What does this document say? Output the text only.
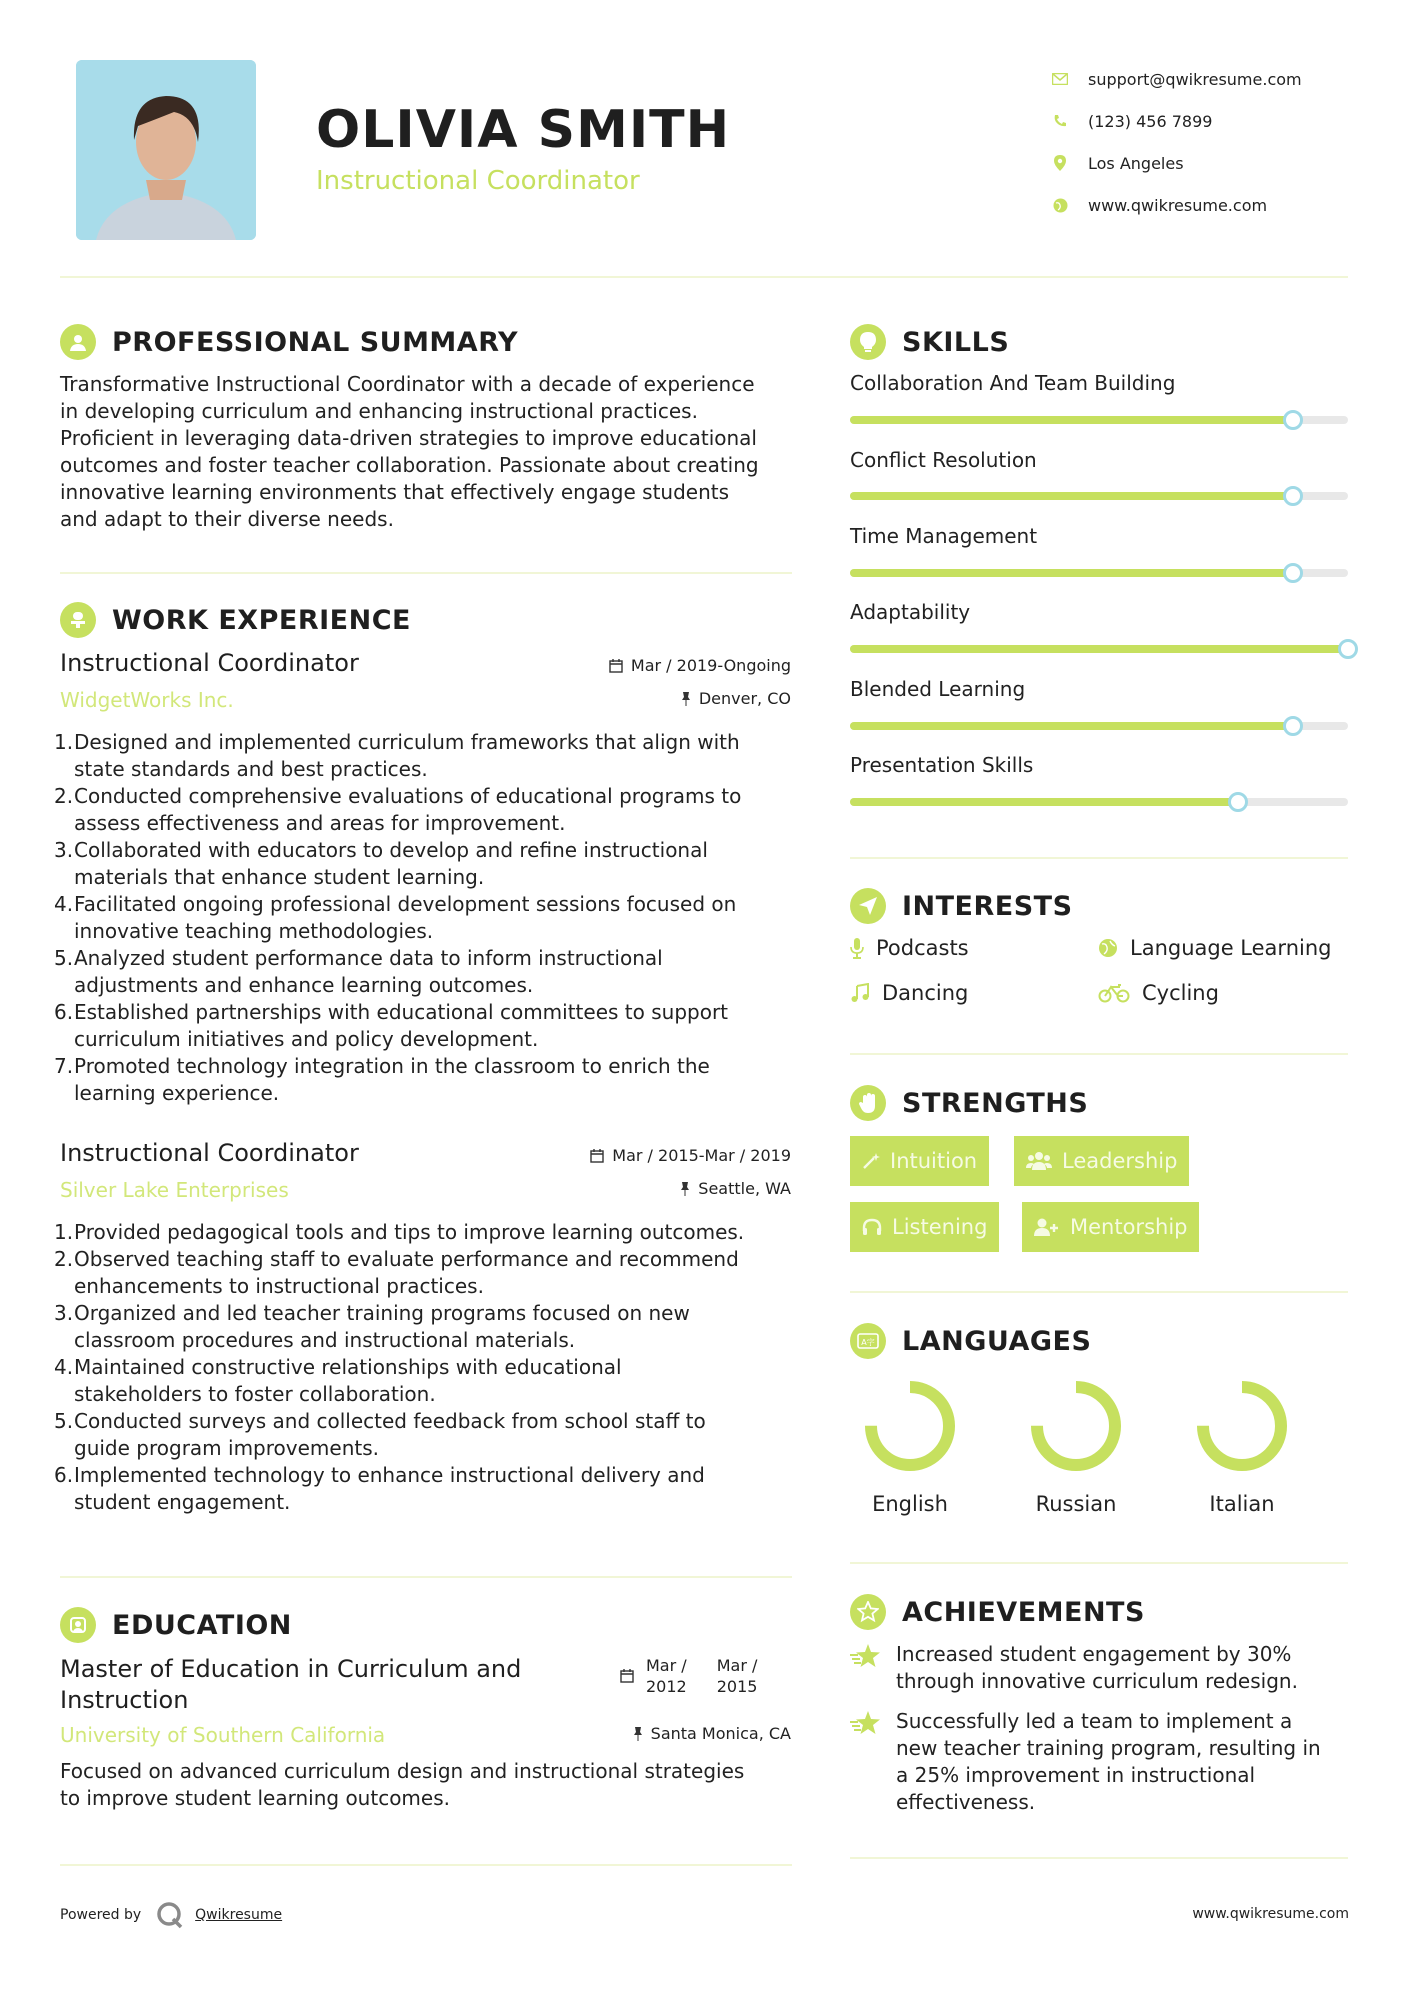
OLIVIA SMITH
Instructional Coordinator
support@qwikresume.com
(123) 456 7899
Los Angeles
www.qwikresume.com
PROFESSIONAL SUMMARY
Transformative Instructional Coordinator with a decade of experience
in developing curriculum and enhancing instructional practices.
Proficient in leveraging data-driven strategies to improve educational
outcomes and foster teacher collaboration. Passionate about creating
innovative learning environments that effectively engage students
and adapt to their diverse needs.
WORK EXPERIENCE
Instructional Coordinator
WidgetWorks Inc.
Mar / 2019-Ongoing
Denver, CO
1. Designed and implemented curriculum frameworks that align with
state standards and best practices.
2. Conducted comprehensive evaluations of educational programs to
assess effectiveness and areas for improvement.
3. Collaborated with educators to develop and refine instructional
materials that enhance student learning.
4. Facilitated ongoing professional development sessions focused on
innovative teaching methodologies.
5. Analyzed student performance data to inform instructional
adjustments and enhance learning outcomes.
6. Established partnerships with educational committees to support
curriculum initiatives and policy development.
7. Promoted technology integration in the classroom to enrich the
learning experience.
Instructional Coordinator
Silver Lake Enterprises
Mar / 2015-Mar / 2019
Seattle, WA
1. Provided pedagogical tools and tips to improve learning outcomes.
2. Observed teaching staff to evaluate performance and recommend
enhancements to instructional practices.
3. Organized and led teacher training programs focused on new
classroom procedures and instructional materials.
4. Maintained constructive relationships with educational
stakeholders to foster collaboration.
5. Conducted surveys and collected feedback from school staff to
guide program improvements.
6. Implemented technology to enhance instructional delivery and
student engagement.
EDUCATION
Master of Education in Curriculum and
Instruction
University of Southern California
Mar /
2012
Mar /
2015
Santa Monica, CA
Focused on advanced curriculum design and instructional strategies
to improve student learning outcomes.
SKILLS
Collaboration And Team Building
Conflict Resolution
Time Management
Adaptability
Blended Learning
Presentation Skills
INTERESTS
Podcasts	Language Learning
Dancing	Cycling
STRENGTHS
Intuition	Leadership
Listening	Mentorship
A字 LANGUAGES
English	Russian	Italian
ACHIEVEMENTS
Increased student engagement by 30%
through innovative curriculum redesign.
Successfully led a team to implement a
new teacher training program, resulting in
a 25% improvement in instructional
effectiveness.
Powered by	Qwikresume	www.qwikresume.com
